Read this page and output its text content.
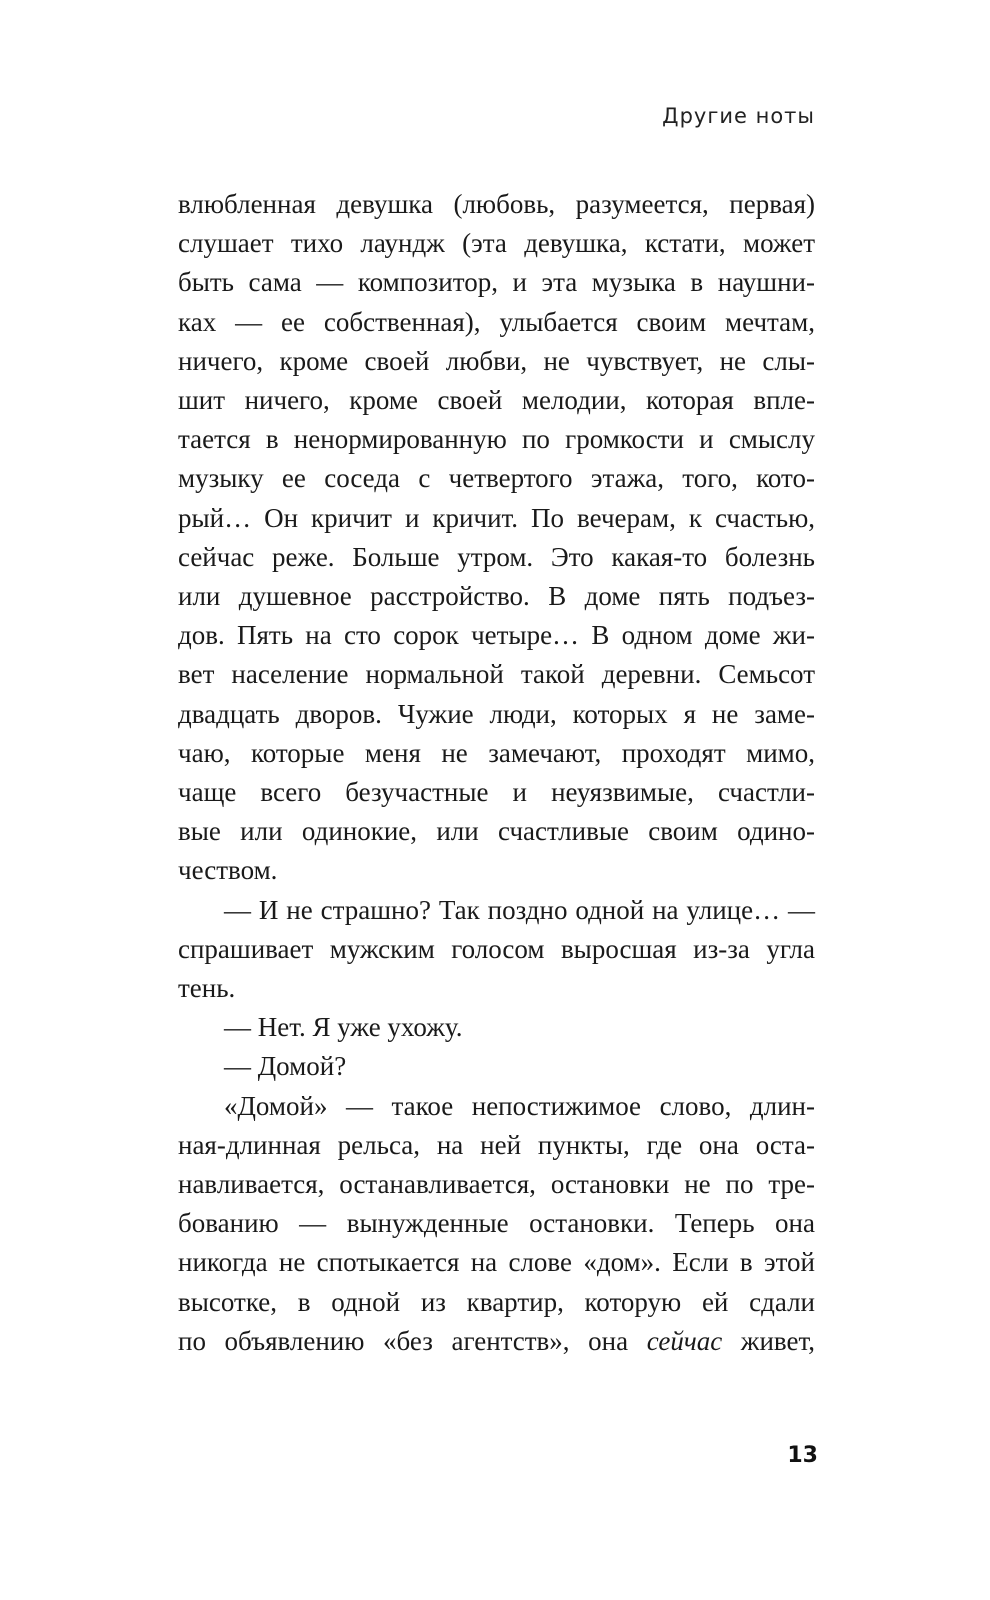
Другие ноты
влюбленная девушка (любовь, разумеется, первая)
слушает тихо лаундж (эта девушка, кстати, может
быть сама — композитор, и эта музыка в наушни-
ках — ее собственная), улыбается своим мечтам,
ничего, кроме своей любви, не чувствует, не слы-
шит ничего, кроме своей мелодии, которая впле-
тается в ненормированную по громкости и смыслу
музыку ее соседа с четвертого этажа, того, кото-
рый… Он кричит и кричит. По вечерам, к счастью,
сейчас реже. Больше утром. Это какая-то болезнь
или душевное расстройство. В доме пять подъез-
дов. Пять на сто сорок четыре… В одном доме жи-
вет население нормальной такой деревни. Семьсот
двадцать дворов. Чужие люди, которых я не заме-
чаю, которые меня не замечают, проходят мимо,
чаще всего безучастные и неуязвимые, счастли-
вые или одинокие, или счастливые своим одино-
чеством.
— И не страшно? Так поздно одной на улице… —
спрашивает мужским голосом выросшая из-за угла
тень.
— Нет. Я уже ухожу.
— Домой?
«Домой» — такое непостижимое слово, длин-
ная-длинная рельса, на ней пункты, где она оста-
навливается, останавливается, остановки не по тре-
бованию — вынужденные остановки. Теперь она
никогда не спотыкается на слове «дом». Если в этой
высотке, в одной из квартир, которую ей сдали
по объявлению «без агентств», она сейчас живет,
13
